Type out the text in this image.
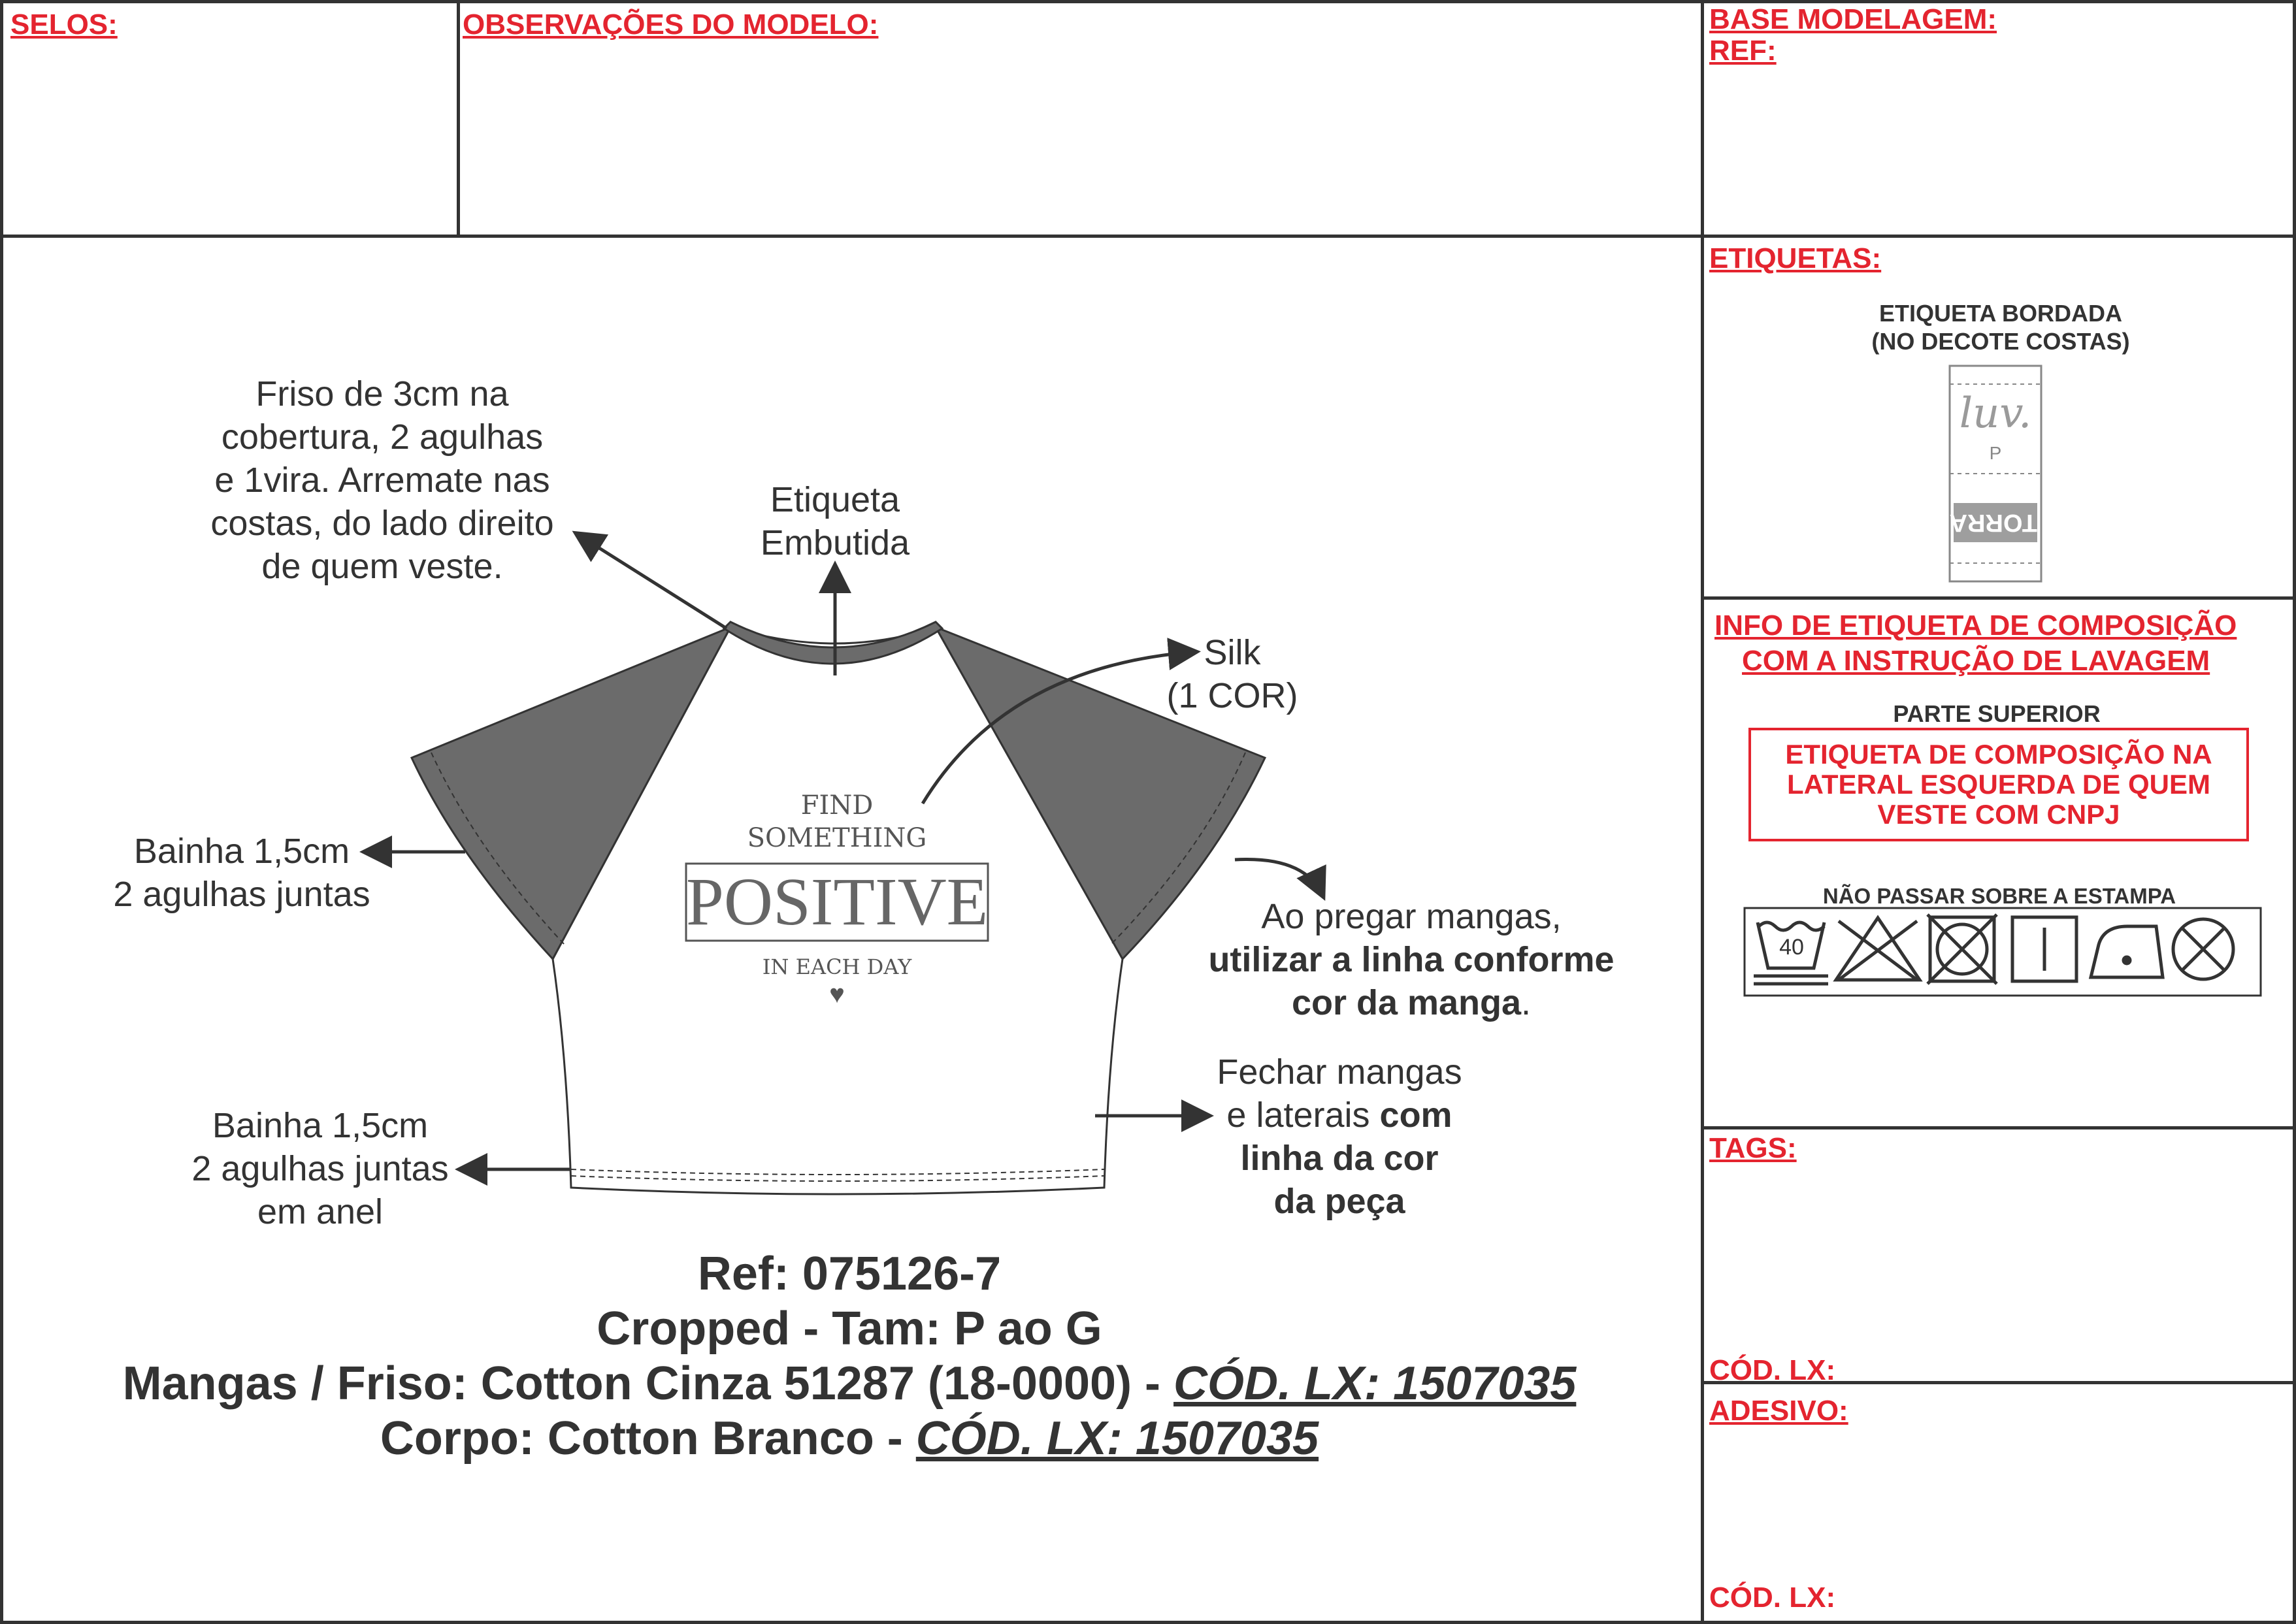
SELOS:	OBSERVAÇÕES DO MODELO:	BASE MODELAGEM:
REF:
ETIQUETAS:
INFO DE ETIQUETA DE COMPOSIÇÃO
COM A INSTRUÇÃO DE LAVAGEM
TAGS:
CÓD. LX:
ADESIVO:
CÓD. LX:
ETIQUETA BORDADA
(NO DECOTE COSTAS)
luv.
P
TORRA
PARTE SUPERIOR
ETIQUETA DE COMPOSIÇÃO NA
LATERAL ESQUERDA DE QUEM
VESTE COM CNPJ
NÃO PASSAR SOBRE A ESTAMPA
40
FIND
SOMETHING
POSITIVE
IN EACH DAY
♥
Friso de 3cm na
cobertura, 2 agulhas
e 1vira. Arremate nas
costas, do lado direito
de quem veste.
Etiqueta
Embutida
Silk
(1 COR)
Bainha 1,5cm
2 agulhas juntas
Ao pregar mangas,
utilizar a linha conforme
cor da manga.
Fechar mangas
e laterais com
linha da cor
da peça
Bainha 1,5cm
2 agulhas juntas
em anel
Ref: 075126-7
Cropped - Tam: P ao G
Mangas / Friso: Cotton Cinza 51287 (18-0000) - CÓD. LX: 1507035
Corpo: Cotton Branco - CÓD. LX: 1507035
